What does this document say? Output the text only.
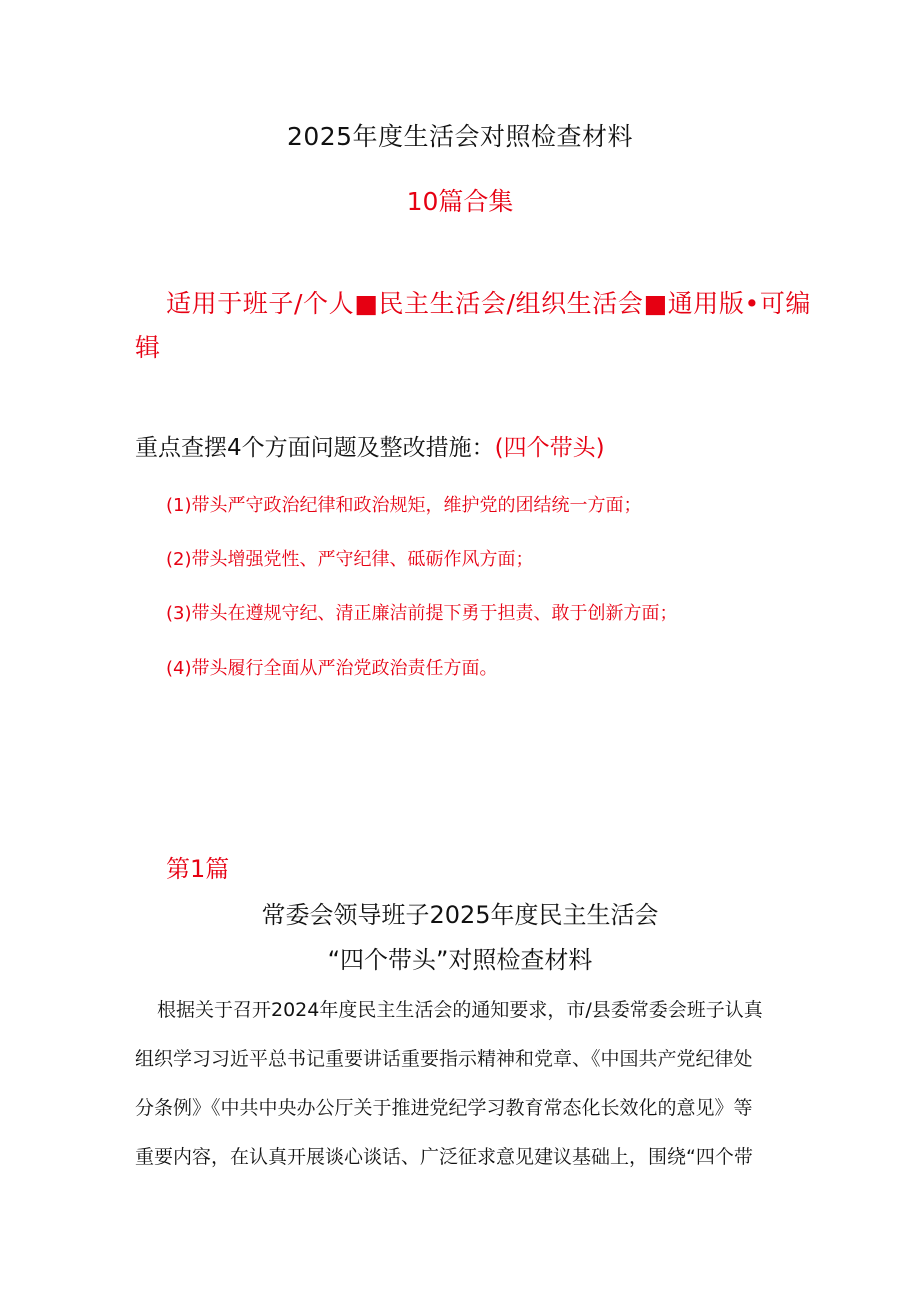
2025年度生活会对照检查材料
10篇合集
适用于班子/个人■民主生活会/组织生活会■通用版•可编
辑
重点查摆4个方面问题及整改措施：(四个带头)
(1)带头严守政治纪律和政治规矩，维护党的团结统一方面；
(2)带头增强党性、严守纪律、砥砺作风方面；
(3)带头在遵规守纪、清正廉洁前提下勇于担责、敢于创新方面；
(4)带头履行全面从严治党政治责任方面。
第1篇
常委会领导班子2025年度民主生活会
“四个带头”对照检查材料
根据关于召开2024年度民主生活会的通知要求，市/县委常委会班子认真
组织学习习近平总书记重要讲话重要指示精神和党章、《中国共产党纪律处
分条例》《中共中央办公厅关于推进党纪学习教育常态化长效化的意见》等
重要内容，在认真开展谈心谈话、广泛征求意见建议基础上，围绕“四个带
